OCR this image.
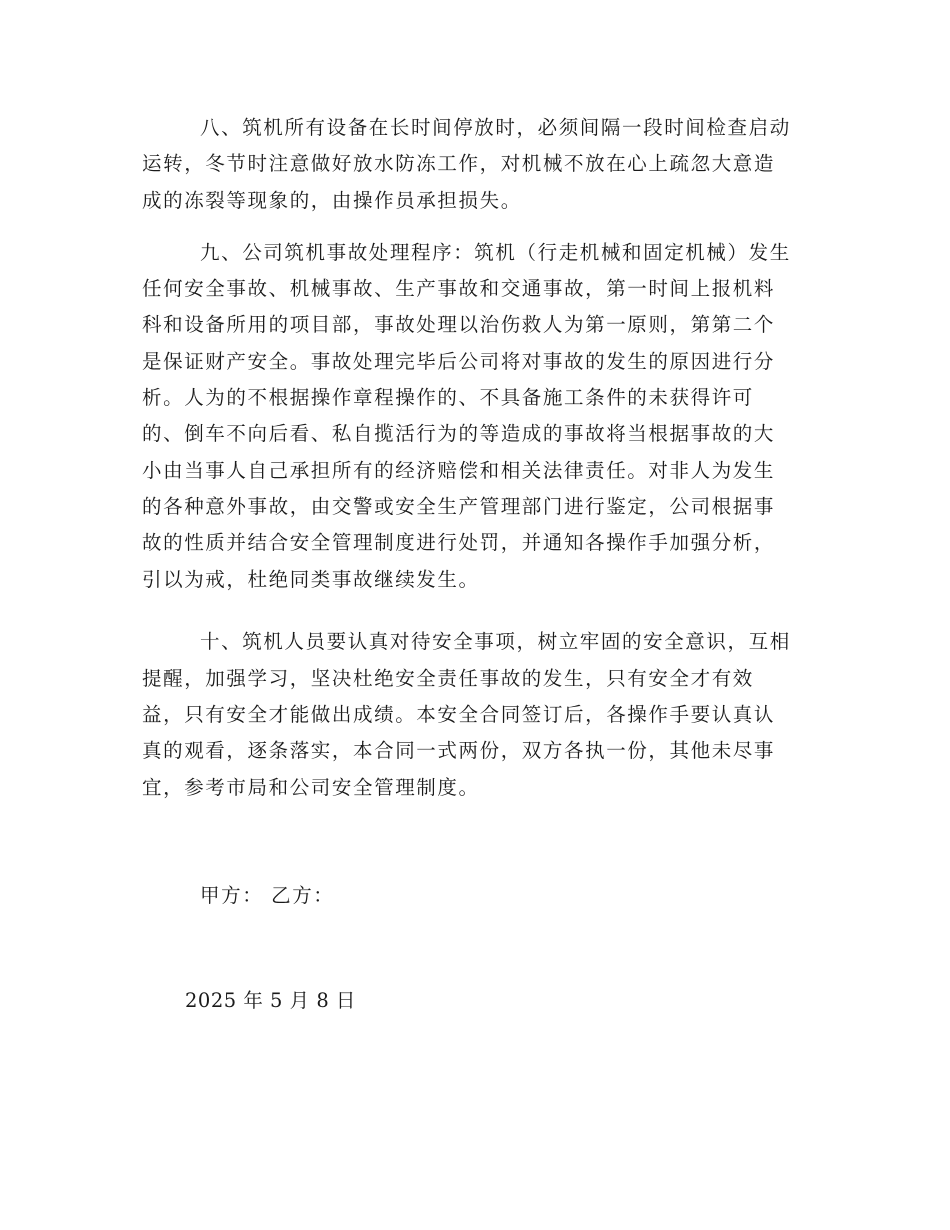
八、筑机所有设备在长时间停放时，必须间隔一段时间检查启动
运转，冬节时注意做好放水防冻工作，对机械不放在心上疏忽大意造
成的冻裂等现象的，由操作员承担损失。
九、公司筑机事故处理程序：筑机（行走机械和固定机械）发生
任何安全事故、机械事故、生产事故和交通事故，第一时间上报机料
科和设备所用的项目部，事故处理以治伤救人为第一原则，第第二个
是保证财产安全。事故处理完毕后公司将对事故的发生的原因进行分
析。人为的不根据操作章程操作的、不具备施工条件的未获得许可
的、倒车不向后看、私自揽活行为的等造成的事故将当根据事故的大
小由当事人自己承担所有的经济赔偿和相关法律责任。对非人为发生
的各种意外事故，由交警或安全生产管理部门进行鉴定，公司根据事
故的性质并结合安全管理制度进行处罚，并通知各操作手加强分析，
引以为戒，杜绝同类事故继续发生。
十、筑机人员要认真对待安全事项，树立牢固的安全意识，互相
提醒，加强学习，坚决杜绝安全责任事故的发生，只有安全才有效
益，只有安全才能做出成绩。本安全合同签订后，各操作手要认真认
真的观看，逐条落实，本合同一式两份，双方各执一份，其他未尽事
宜，参考市局和公司安全管理制度。
甲方： 乙方：
2025 年 5 月 8 日
